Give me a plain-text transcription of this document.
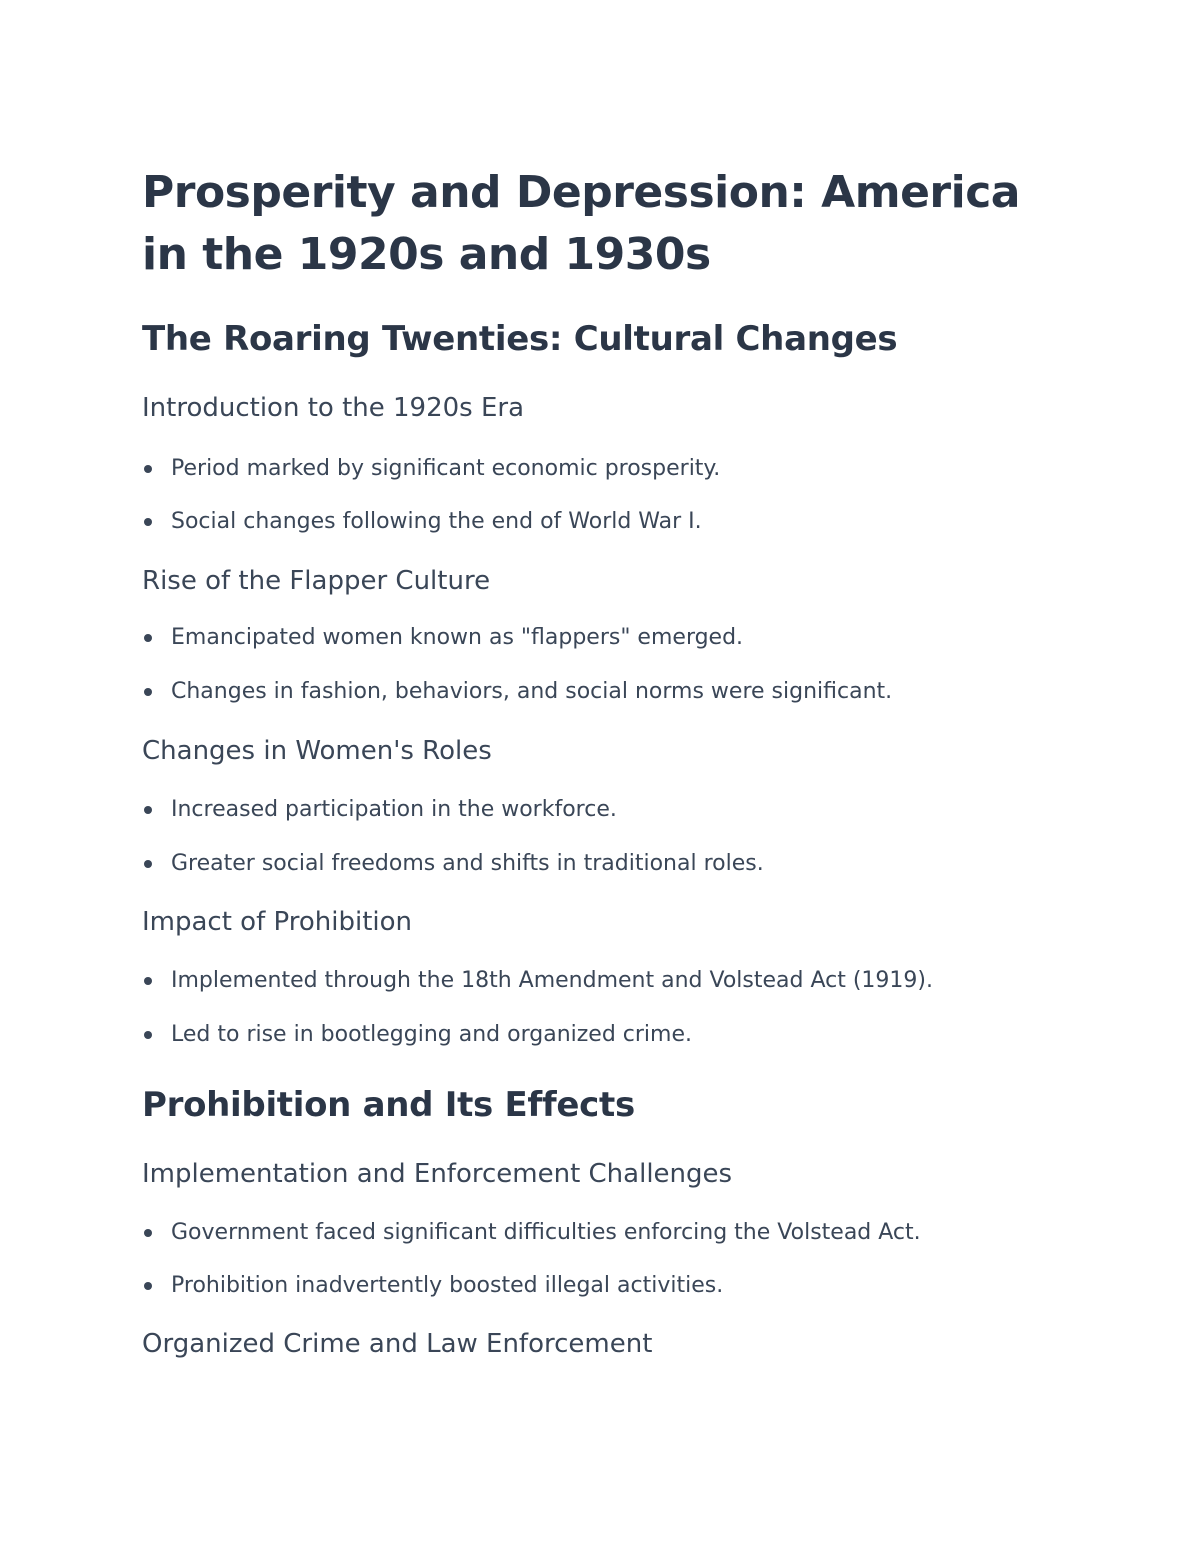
Prosperity and Depression: America in the 1920s and 1930s
The Roaring Twenties: Cultural Changes
Introduction to the 1920s Era
Period marked by significant economic prosperity.
Social changes following the end of World War I.
Rise of the Flapper Culture
Emancipated women known as "flappers" emerged.
Changes in fashion, behaviors, and social norms were significant.
Changes in Women's Roles
Increased participation in the workforce.
Greater social freedoms and shifts in traditional roles.
Impact of Prohibition
Implemented through the 18th Amendment and Volstead Act (1919).
Led to rise in bootlegging and organized crime.
Prohibition and Its Effects
Implementation and Enforcement Challenges
Government faced significant difficulties enforcing the Volstead Act.
Prohibition inadvertently boosted illegal activities.
Organized Crime and Law Enforcement
